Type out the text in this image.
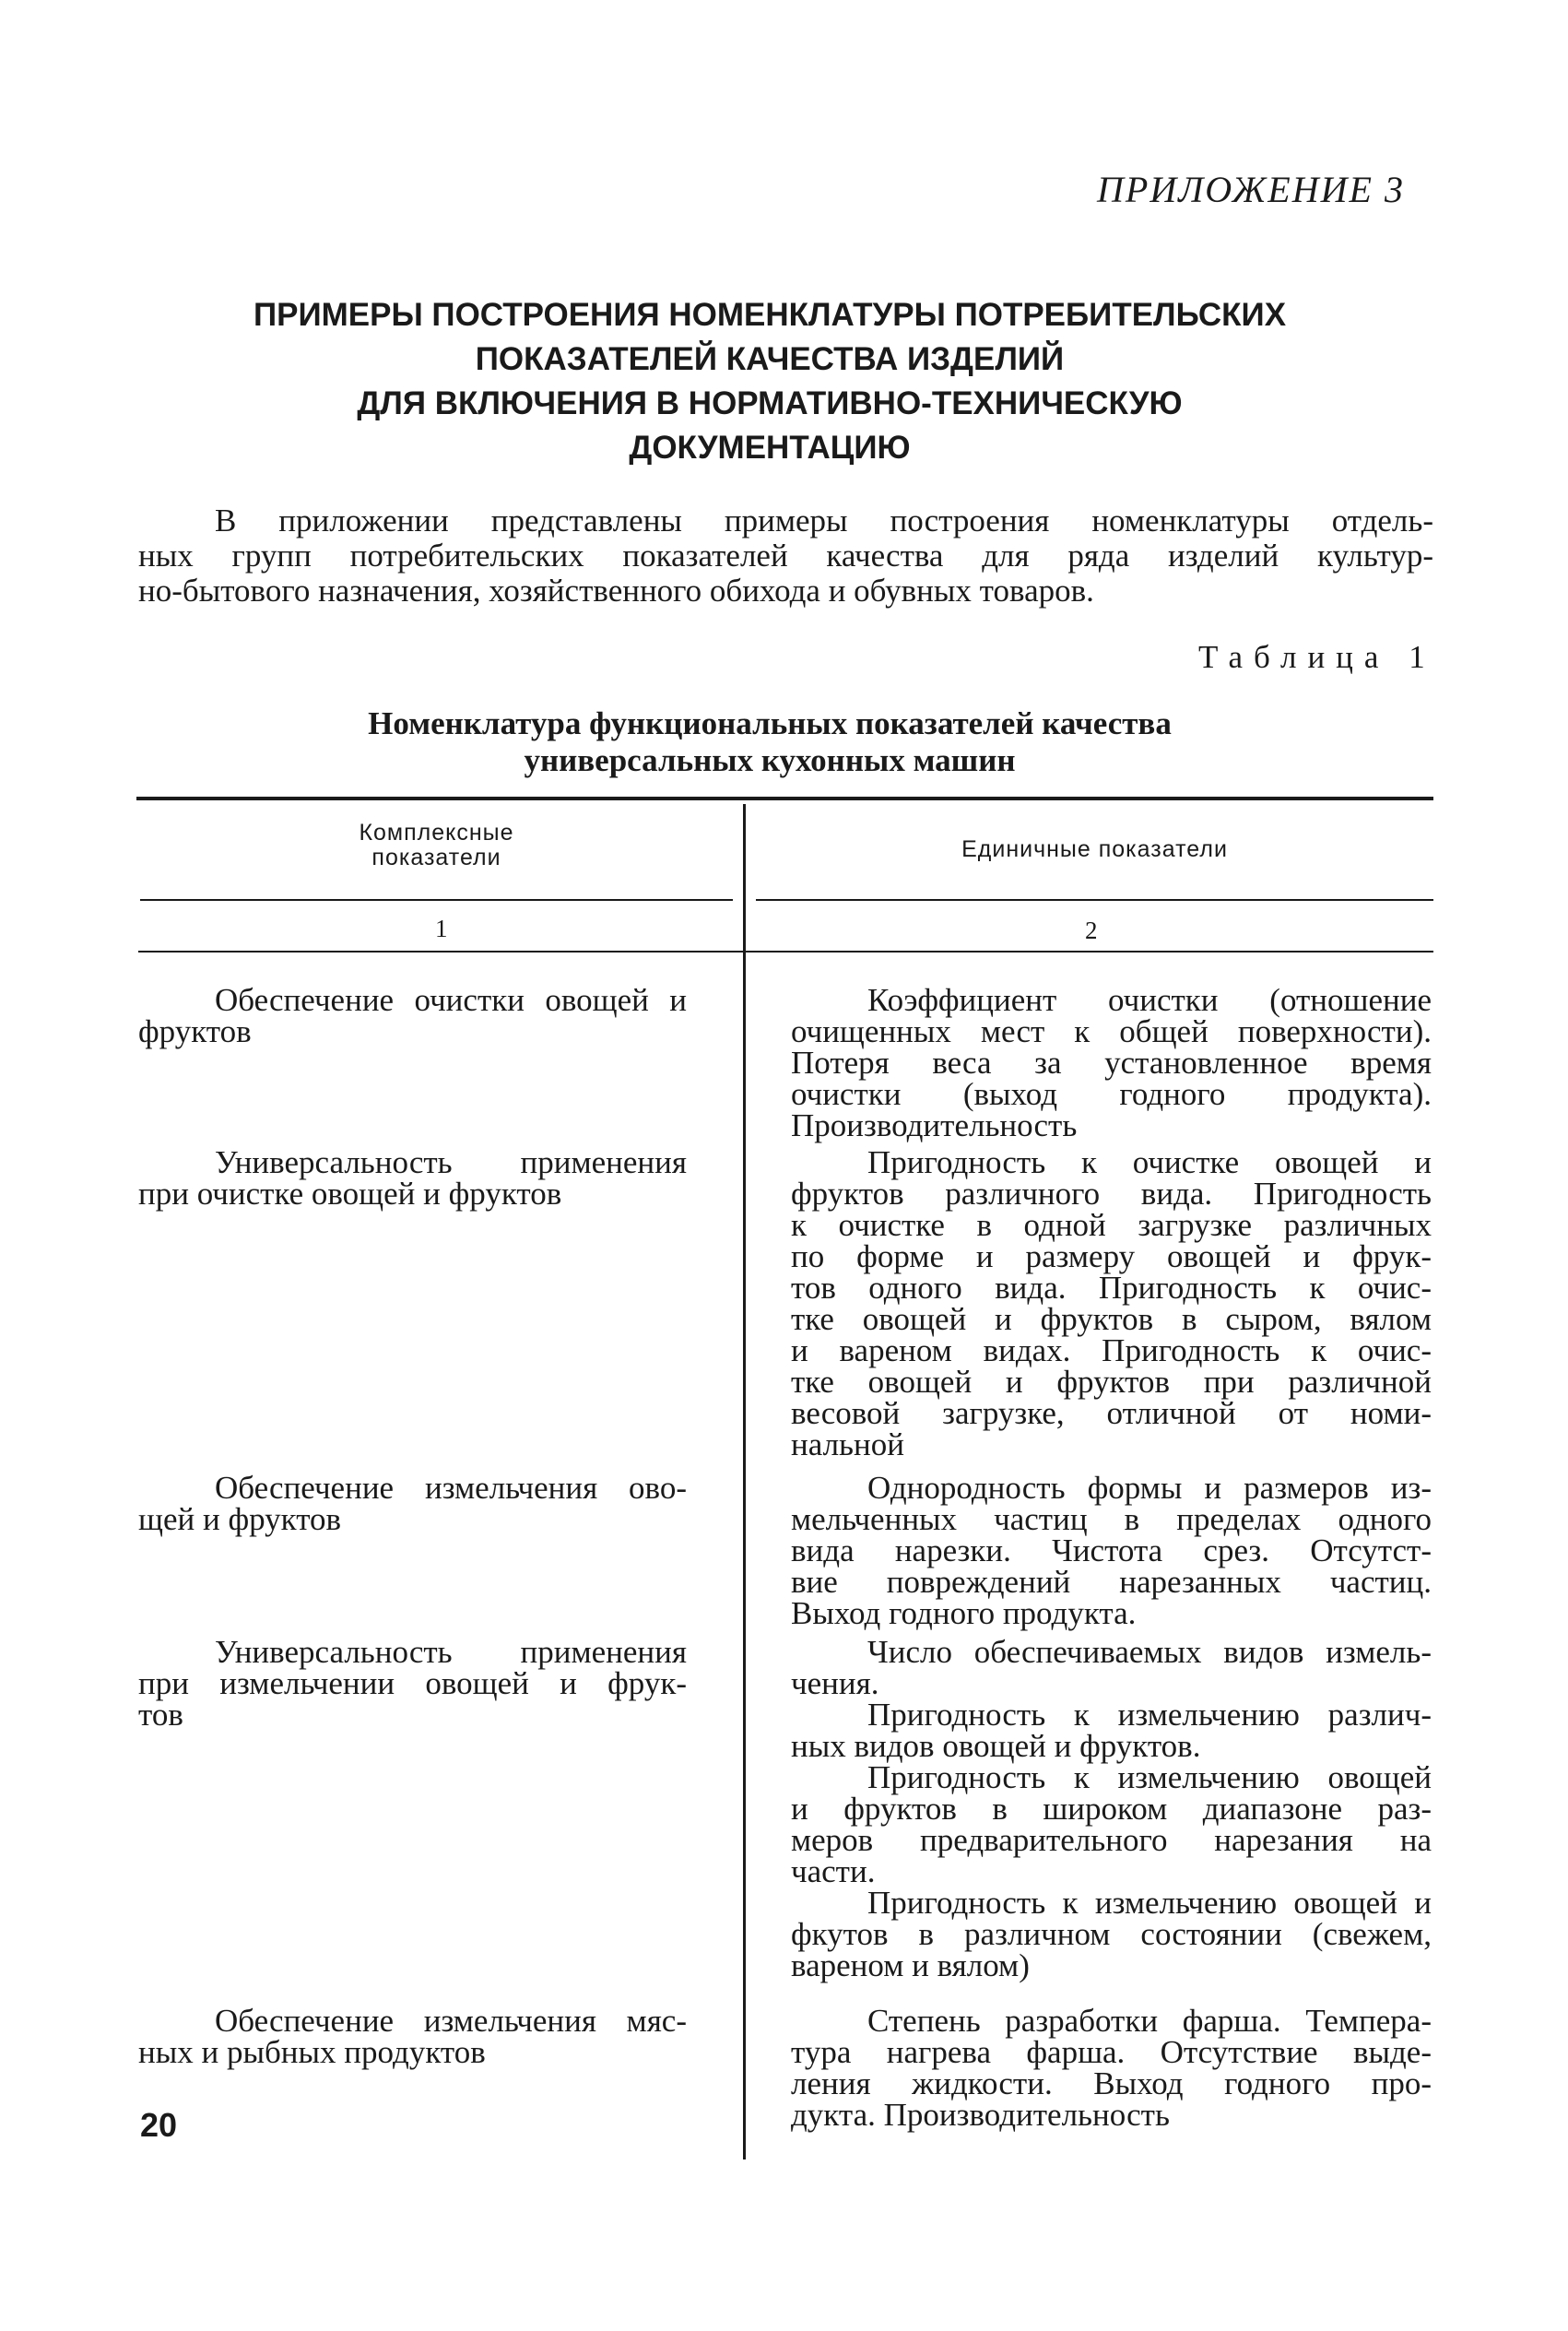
ПРИЛОЖЕНИЕ 3
ПРИМЕРЫ ПОСТРОЕНИЯ НОМЕНКЛАТУРЫ ПОТРЕБИТЕЛЬСКИХ
ПОКАЗАТЕЛЕЙ КАЧЕСТВА ИЗДЕЛИЙ
ДЛЯ ВКЛЮЧЕНИЯ В НОРМАТИВНО-ТЕХНИЧЕСКУЮ
ДОКУМЕНТАЦИЮ
В приложении представлены примеры построения номенклатуры отдель-
ных групп потребительских показателей качества для ряда изделий культур-
но-бытового назначения, хозяйственного обихода и обувных товаров.
Таблица 1
Номенклатура функциональных показателей качества
универсальных кухонных машин
Комплексные
показатели	Единичные показатели
1	2
Обеспечение очистки овощей и
фруктов
Коэффициент очистки (отношение
очищенных мест к общей поверхности).
Потеря веса за установленное время
очистки (выход годного продукта).
Производительность
Универсальность применения
при очистке овощей и фруктов
Пригодность к очистке овощей и
фруктов различного вида. Пригодность
к очистке в одной загрузке различных
по форме и размеру овощей и фрук-
тов одного вида. Пригодность к очис-
тке овощей и фруктов в сыром, вялом
и вареном видах. Пригодность к очис-
тке овощей и фруктов при различной
весовой загрузке, отличной от номи-
нальной
Обеспечение измельчения ово-
щей и фруктов
Однородность формы и размеров из-
мельченных частиц в пределах одного
вида нарезки. Чистота срез. Отсутст-
вие повреждений нарезанных частиц.
Выход годного продукта.
Универсальность применения
при измельчении овощей и фрук-
тов
Число обеспечиваемых видов измель-
чения.
Пригодность к измельчению различ-
ных видов овощей и фруктов.
Пригодность к измельчению овощей
и фруктов в широком диапазоне раз-
меров предварительного нарезания на
части.
Пригодность к измельчению овощей и
фкутов в различном состоянии (свежем,
вареном и вялом)
Обеспечение измельчения мяс-
ных и рыбных продуктов
Степень разработки фарша. Темпера-
тура нагрева фарша. Отсутствие выде-
ления жидкости. Выход годного про-
дукта. Производительность
20
